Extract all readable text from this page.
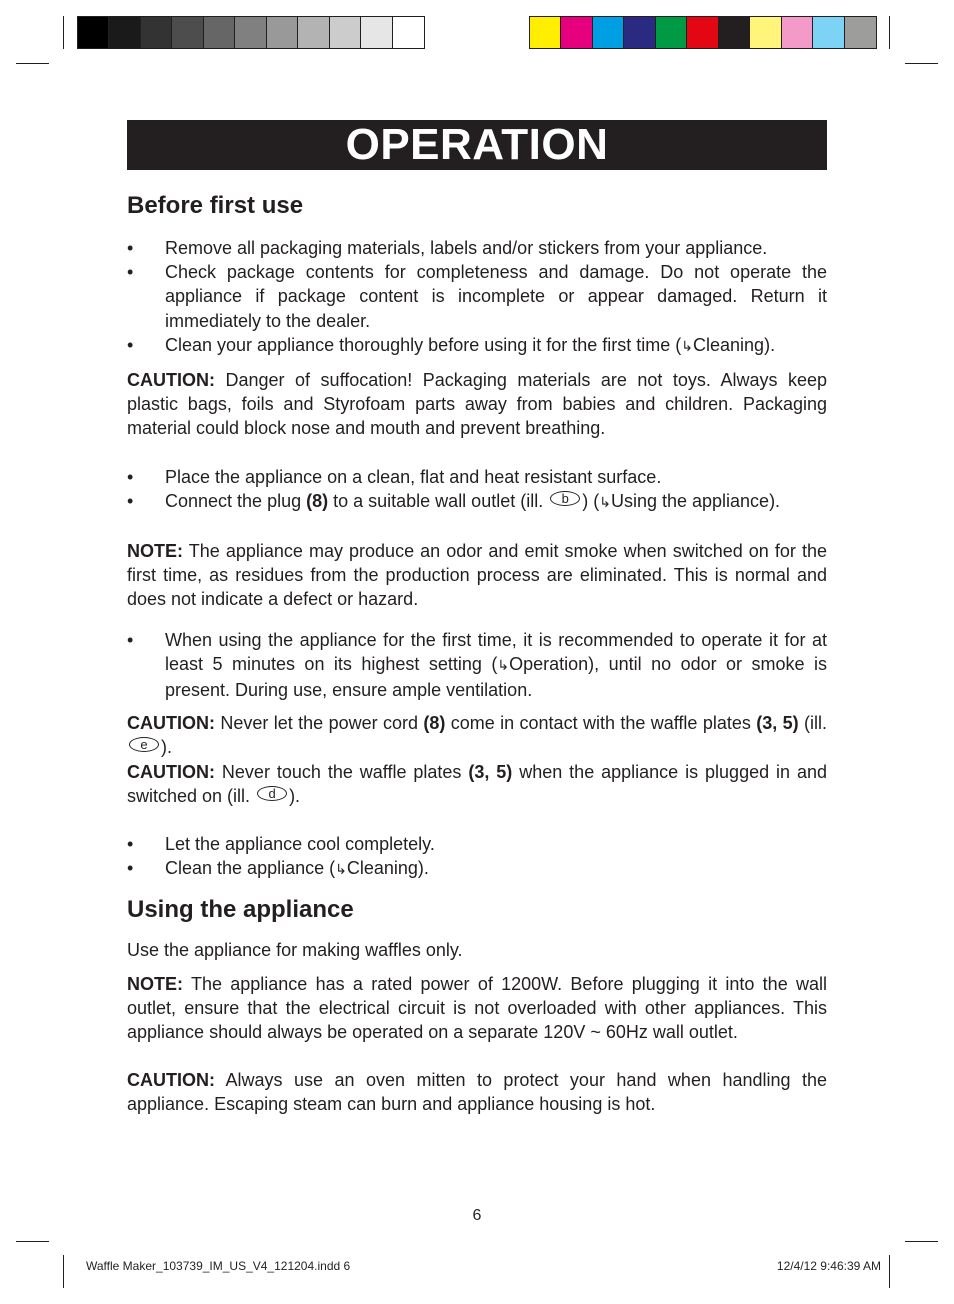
OPERATION
Before first use
• Remove all packaging materials, labels and/or stickers from your appliance.
• Check package contents for completeness and damage. Do not operate the appliance if package content is incomplete or appear damaged. Return it immediately to the dealer.
• Clean your appliance thoroughly before using it for the first time (↳Cleaning).

CAUTION: Danger of suffocation! Packaging materials are not toys. Always keep plastic bags, foils and Styrofoam parts away from babies and children. Packaging material could block nose and mouth and prevent breathing.

• Place the appliance on a clean, flat and heat resistant surface.
• Connect the plug (8) to a suitable wall outlet (ill. b ) (↳Using the appliance).

NOTE: The appliance may produce an odor and emit smoke when switched on for the first time, as residues from the production process are eliminated. This is normal and does not indicate a defect or hazard.

• When using the appliance for the first time, it is recommended to operate it for at least 5 minutes on its highest setting (↳Operation), until no odor or smoke is present. During use, ensure ample ventilation.

CAUTION: Never let the power cord (8) come in contact with the waffle plates (3, 5) (ill. e ).

CAUTION: Never touch the waffle plates (3, 5) when the appliance is plugged in and switched on (ill. d ).

• Let the appliance cool completely.
• Clean the appliance (↳Cleaning).
Using the appliance

Use the appliance for making waffles only.

NOTE: The appliance has a rated power of 1200W. Before plugging it into the wall outlet, ensure that the electrical circuit is not overloaded with other appliances. This appliance should always be operated on a separate 120V ~ 60Hz wall outlet.

CAUTION: Always use an oven mitten to protect your hand when handling the appliance. Escaping steam can burn and appliance housing is hot.

6
Waffle Maker_103739_IM_US_V4_121204.indd 6	12/4/12 9:46:39 AM
